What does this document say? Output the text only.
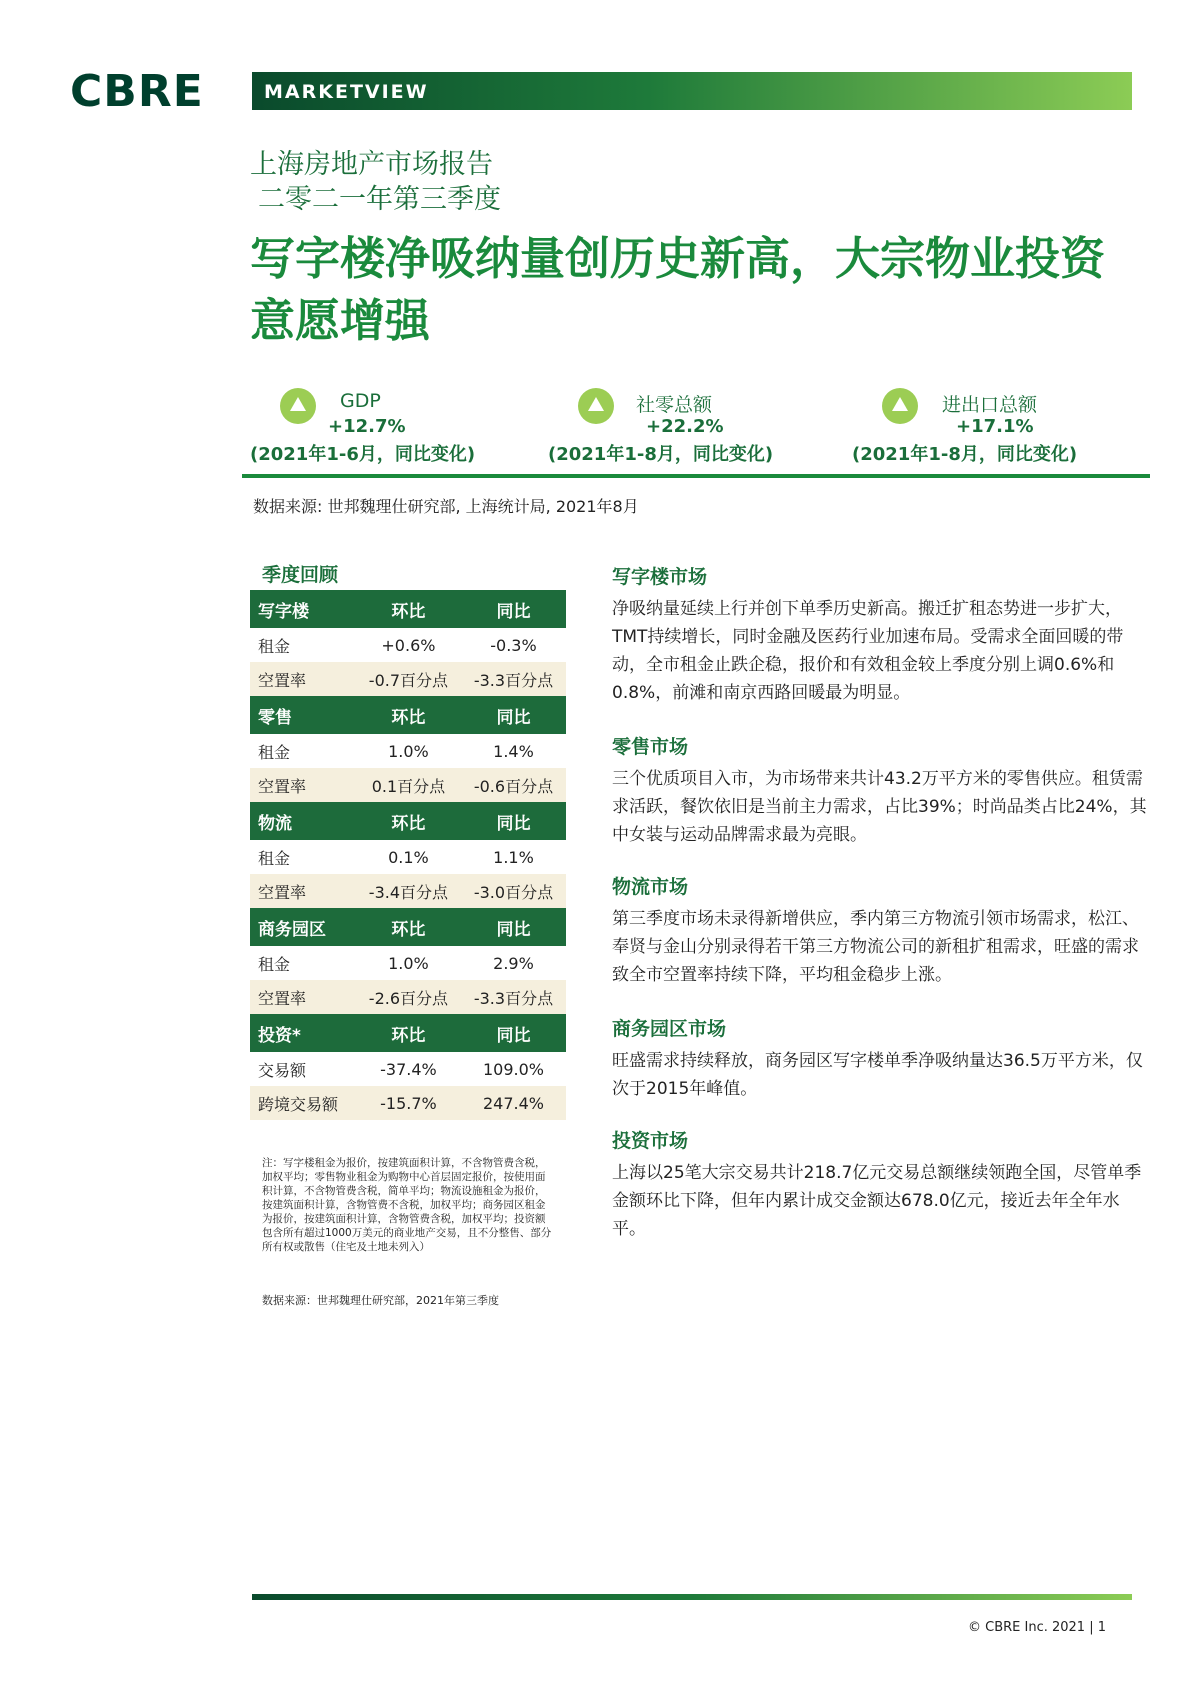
CBRE	MARKETVIEW
上海房地产市场报告
二零二一年第三季度
写字楼净吸纳量创历史新高，大宗物业投资意愿增强
GDP
+12.7%
(2021年1-6月，同比变化)
社零总额
+22.2%
(2021年1-8月，同比变化)
进出口总额
+17.1%
(2021年1-8月，同比变化)
数据来源: 世邦魏理仕研究部, 上海统计局, 2021年8月
季度回顾
写字楼	环比	同比
租金	+0.6%	-0.3%
空置率	-0.7百分点	-3.3百分点
零售	环比	同比
租金	1.0%	1.4%
空置率	0.1百分点	-0.6百分点
物流	环比	同比
租金	0.1%	1.1%
空置率	-3.4百分点	-3.0百分点
商务园区	环比	同比
租金	1.0%	2.9%
空置率	-2.6百分点	-3.3百分点
投资*	环比	同比
交易额	-37.4%	109.0%
跨境交易额	-15.7%	247.4%
注：写字楼租金为报价，按建筑面积计算，不含物管费含税，加权平均；零售物业租金为购物中心首层固定报价，按使用面积计算，不含物管费含税，简单平均；物流设施租金为报价，按建筑面积计算，含物管费不含税，加权平均；商务园区租金为报价，按建筑面积计算，含物管费含税，加权平均；投资额包含所有超过1000万美元的商业地产交易，且不分整售、部分所有权或散售（住宅及土地未列入）
数据来源：世邦魏理仕研究部，2021年第三季度
写字楼市场

净吸纳量延续上行并创下单季历史新高。搬迁扩租态势进一步扩大，TMT持续增长，同时金融及医药行业加速布局。受需求全面回暖的带动，全市租金止跌企稳，报价和有效租金较上季度分别上调0.6%和0.8%，前滩和南京西路回暖最为明显。

零售市场

三个优质项目入市，为市场带来共计43.2万平方米的零售供应。租赁需求活跃，餐饮依旧是当前主力需求，占比39%；时尚品类占比24%，其中女装与运动品牌需求最为亮眼。

物流市场

第三季度市场未录得新增供应，季内第三方物流引领市场需求，松江、奉贤与金山分别录得若干第三方物流公司的新租扩租需求，旺盛的需求致全市空置率持续下降，平均租金稳步上涨。

商务园区市场

旺盛需求持续释放，商务园区写字楼单季净吸纳量达36.5万平方米，仅次于2015年峰值。

投资市场

上海以25笔大宗交易共计218.7亿元交易总额继续领跑全国，尽管单季金额环比下降，但年内累计成交金额达678.0亿元，接近去年全年水平。

© CBRE Inc. 2021 | 1
